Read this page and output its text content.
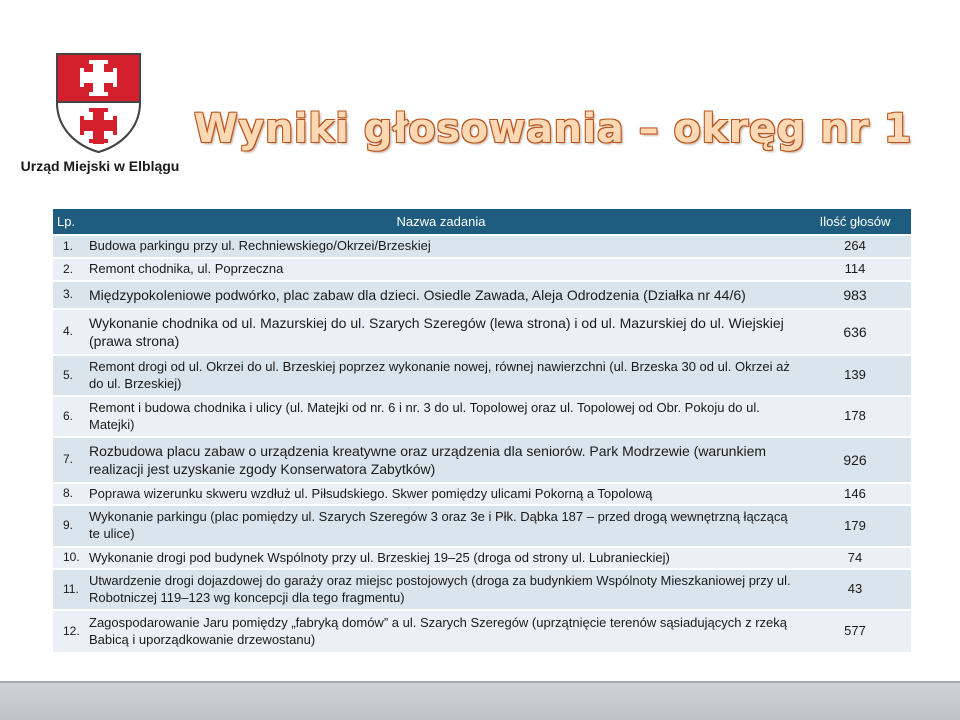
Urząd Miejski w Elblągu
Wyniki głosowania – okręg nr 1
Lp.	Nazwa zadania	Ilość głosów
1.	Budowa parkingu przy ul. Rechniewskiego/Okrzei/Brzeskiej	264
2.	Remont chodnika, ul. Poprzeczna	114
3.	Międzypokoleniowe podwórko, plac zabaw dla dzieci. Osiedle Zawada, Aleja Odrodzenia (Działka nr 44/6)	983
4.	Wykonanie chodnika od ul. Mazurskiej do ul. Szarych Szeregów (lewa strona) i od ul. Mazurskiej do ul. Wiejskiej (prawa strona)	636
5.	Remont drogi od ul. Okrzei do ul. Brzeskiej poprzez wykonanie nowej, równej nawierzchni (ul. Brzeska 30 od ul. Okrzei aż do ul. Brzeskiej)	139
6.	Remont i budowa chodnika i ulicy (ul. Matejki od nr. 6 i nr. 3 do ul. Topolowej oraz ul. Topolowej od Obr. Pokoju do ul. Matejki)	178
7.	Rozbudowa placu zabaw o urządzenia kreatywne oraz urządzenia dla seniorów. Park Modrzewie (warunkiem realizacji jest uzyskanie zgody Konserwatora Zabytków)	926
8.	Poprawa wizerunku skweru wzdłuż ul. Piłsudskiego. Skwer pomiędzy ulicami Pokorną a Topolową	146
9.	Wykonanie parkingu (plac pomiędzy ul. Szarych Szeregów 3 oraz 3e i Płk. Dąbka 187 – przed drogą wewnętrzną łączącą te ulice)	179
10.	Wykonanie drogi pod budynek Wspólnoty przy ul. Brzeskiej 19–25 (droga od strony ul. Lubranieckiej)	74
11.	Utwardzenie drogi dojazdowej do garaży oraz miejsc postojowych (droga za budynkiem Wspólnoty Mieszkaniowej przy ul. Robotniczej 119–123 wg koncepcji dla tego fragmentu)	43
12.	Zagospodarowanie Jaru pomiędzy „fabryką domów” a ul. Szarych Szeregów (uprzątnięcie terenów sąsiadujących z rzeką Babicą i uporządkowanie drzewostanu)	577
